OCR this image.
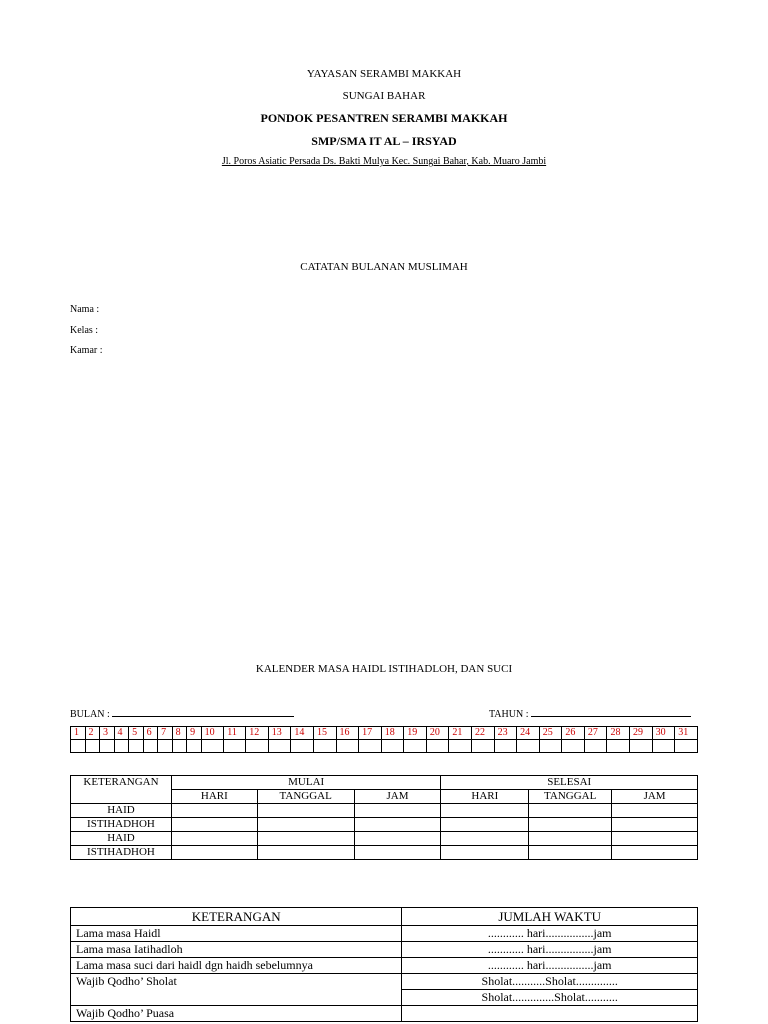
YAYASAN SERAMBI MAKKAH
SUNGAI BAHAR
PONDOK PESANTREN SERAMBI MAKKAH
SMP/SMA IT AL – IRSYAD
Jl. Poros Asiatic Persada Ds. Bakti Mulya Kec. Sungai Bahar, Kab. Muaro Jambi
CATATAN BULANAN MUSLIMAH
Nama :
Kelas :
Kamar :
KALENDER MASA HAIDL ISTIHADLOH, DAN SUCI
BULAN :	TAHUN :
1	2	3	4	5	6	7	8	9	10	11	12	13	14	15	16	17	18	19	20	21	22	23	24	25	26	27	28	29	30	31

KETERANGAN	MULAI			SELESAI		
	HARI	TANGGAL	JAM	HARI	TANGGAL	JAM
HAID						
ISTIHADHOH						
HAID						
ISTIHADHOH						
KETERANGAN	JUMLAH WAKTU
Lama masa Haidl	............ hari................jam
Lama masa Iatihadloh	............ hari................jam
Lama masa suci dari haidl dgn haidh sebelumnya	............ hari................jam
Wajib Qodho’ Sholat	Sholat...........Sholat..............
	Sholat..............Sholat...........
Wajib Qodho’ Puasa	
